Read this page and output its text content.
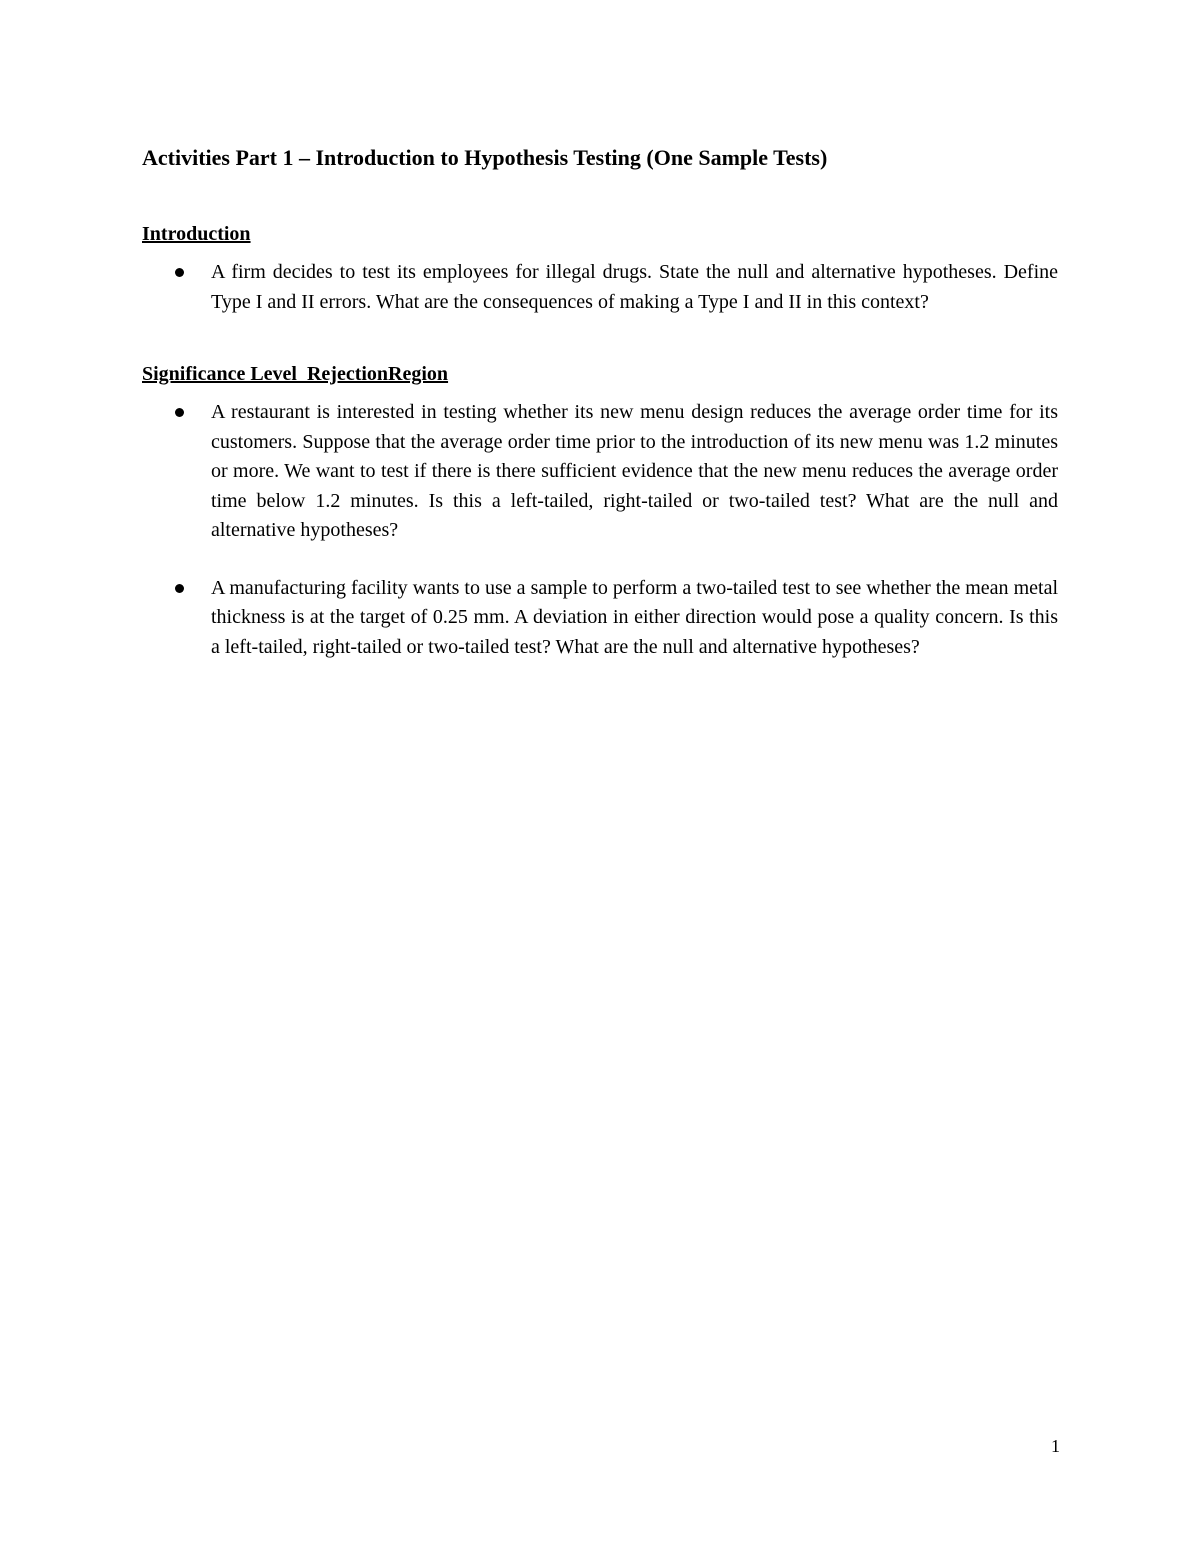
Activities Part 1 – Introduction to Hypothesis Testing (One Sample Tests)
Introduction
A firm decides to test its employees for illegal drugs. State the null and alternative hypotheses. Define Type I and II errors. What are the consequences of making a Type I and II in this context?
Significance Level_RejectionRegion
A restaurant is interested in testing whether its new menu design reduces the average order time for its customers. Suppose that the average order time prior to the introduction of its new menu was 1.2 minutes or more. We want to test if there is there sufficient evidence that the new menu reduces the average order time below 1.2 minutes. Is this a left-tailed, right-tailed or two-tailed test? What are the null and alternative hypotheses?
A manufacturing facility wants to use a sample to perform a two-tailed test to see whether the mean metal thickness is at the target of 0.25 mm. A deviation in either direction would pose a quality concern. Is this a left-tailed, right-tailed or two-tailed test? What are the null and alternative hypotheses?
1
